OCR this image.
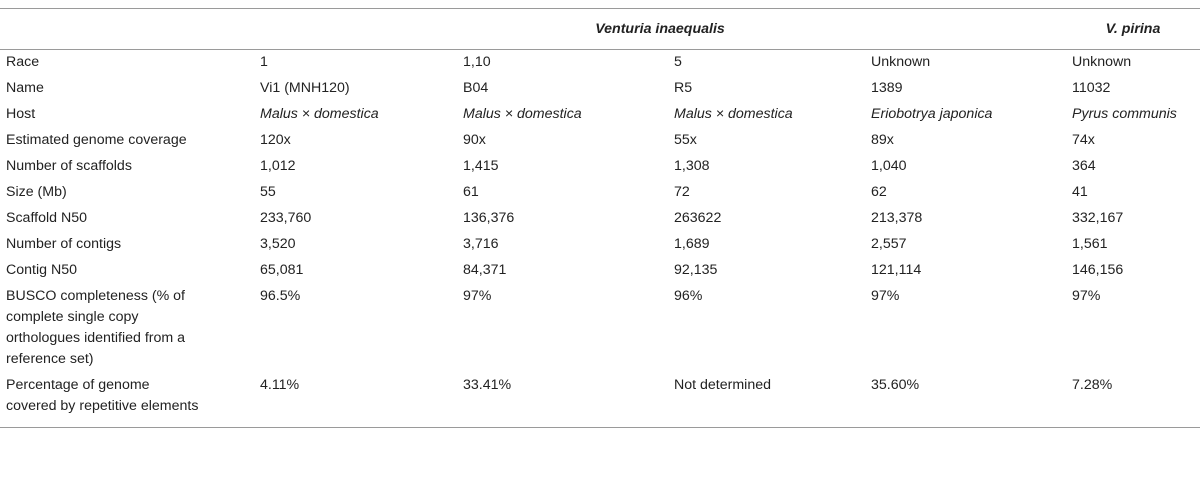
	Venturia inaequalis				V. pirina
Race	1	1,10	5	Unknown	Unknown
Name	Vi1 (MNH120)	B04	R5	1389	11032
Host	Malus × domestica	Malus × domestica	Malus × domestica	Eriobotrya japonica	Pyrus communis
Estimated genome coverage	120x	90x	55x	89x	74x
Number of scaffolds	1,012	1,415	1,308	1,040	364
Size (Mb)	55	61	72	62	41
Scaffold N50	233,760	136,376	263622	213,378	332,167
Number of contigs	3,520	3,716	1,689	2,557	1,561
Contig N50	65,081	84,371	92,135	121,114	146,156
BUSCO completeness (% of complete single copy orthologues identified from a reference set)	96.5%	97%	96%	97%	97%
Percentage of genome covered by repetitive elements	4.11%	33.41%	Not determined	35.60%	7.28%
